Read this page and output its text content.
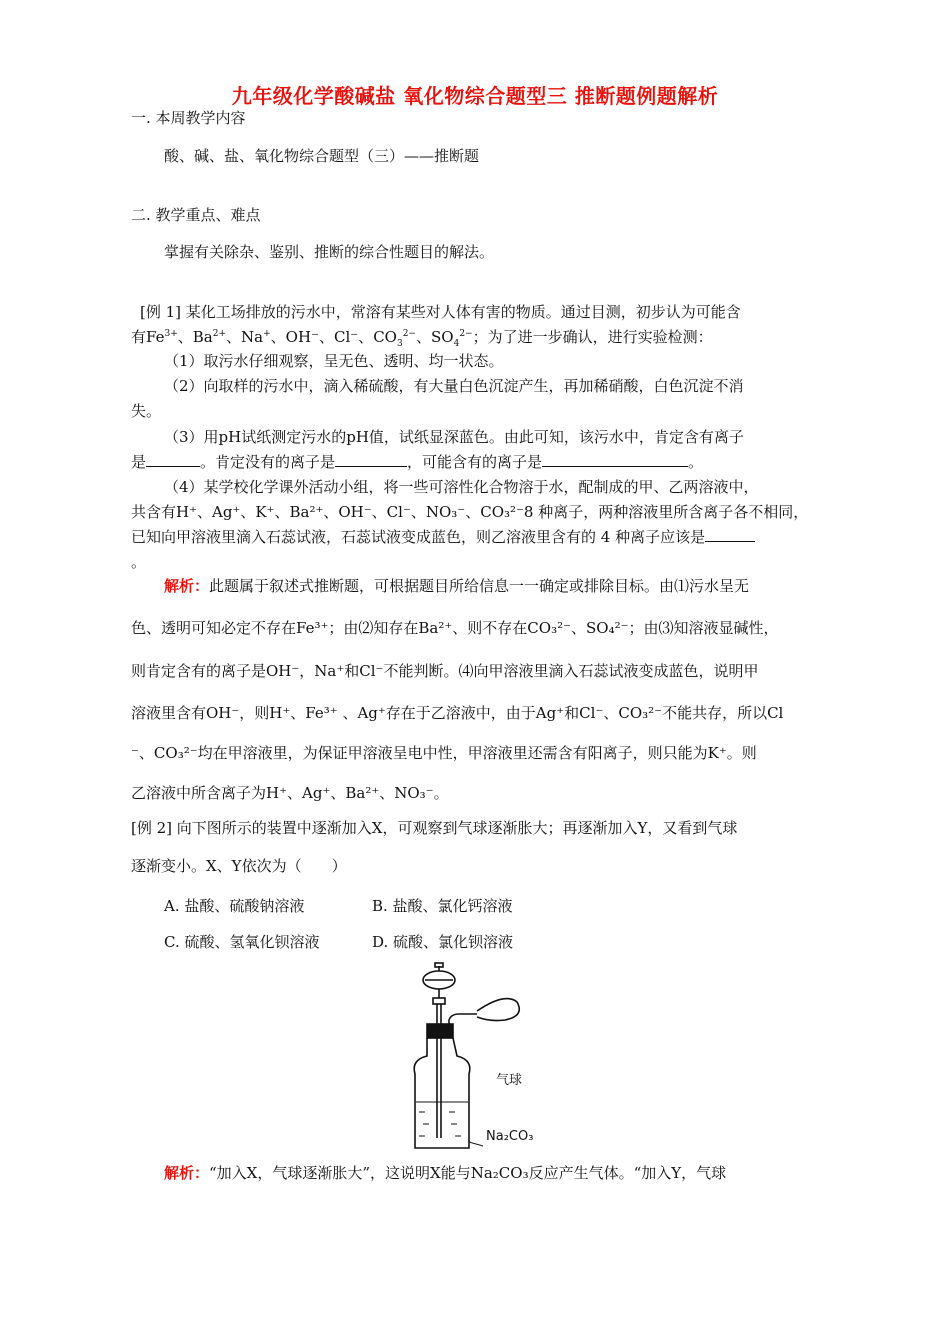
九年级化学酸碱盐 氧化物综合题型三 推断题例题解析
一. 本周教学内容
酸、碱、盐、氧化物综合题型（三）——推断题
二. 教学重点、难点
掌握有关除杂、鉴别、推断的综合性题目的解法。
[例 1] 某化工场排放的污水中，常溶有某些对人体有害的物质。通过目测，初步认为可能含
有$Fe^{3+}$、$Ba^{2+}$、Na+、OH⁻、Cl⁻、$CO_3^{2-}$、$SO_4^{2-}$；为了进一步确认，进行实验检测：
（1）取污水仔细观察，呈无色、透明、均一状态。
（2）向取样的污水中，滴入稀硫酸，有大量白色沉淀产生，再加稀硝酸，白色沉淀不消
失。
（3）用pH试纸测定污水的pH值，试纸显深蓝色。由此可知，该污水中，肯定含有离子
是	。肯定没有的离子是	，可能含有的离子是	。
（4）某学校化学课外活动小组，将一些可溶性化合物溶于水，配制成的甲、乙两溶液中，
共含有H⁺、Ag⁺、K⁺、Ba²⁺、OH⁻、Cl⁻、NO₃⁻、CO₃²⁻8 种离子，两种溶液里所含离子各不相同，
已知向甲溶液里滴入石蕊试液，石蕊试液变成蓝色，则乙溶液里含有的 4 种离子应该是
。
解析：此题属于叙述式推断题，可根据题目所给信息一一确定或排除目标。由⑴污水呈无
色、透明可知必定不存在Fe³⁺；由⑵知存在Ba²⁺、则不存在CO₃²⁻、SO₄²⁻；由⑶知溶液显碱性，
则肯定含有的离子是OH⁻，Na⁺和Cl⁻不能判断。⑷向甲溶液里滴入石蕊试液变成蓝色，说明甲
溶液里含有OH⁻，则H⁺、Fe³⁺ 、Ag⁺存在于乙溶液中，由于Ag⁺和Cl⁻、CO₃²⁻不能共存，所以Cl
⁻、CO₃²⁻均在甲溶液里，为保证甲溶液呈电中性，甲溶液里还需含有阳离子，则只能为K⁺。则
乙溶液中所含离子为H⁺、Ag⁺、Ba²⁺、NO₃⁻。
[例 2] 向下图所示的装置中逐渐加入X，可观察到气球逐渐胀大；再逐渐加入Y，又看到气球
逐渐变小。X、Y依次为（　　）
A. 盐酸、硫酸钠溶液	B. 盐酸、氯化钙溶液
C. 硫酸、氢氧化钡溶液	D. 硫酸、氯化钡溶液
气球
Na₂CO₃
解析：“加入X，气球逐渐胀大”，这说明X能与Na₂CO₃反应产生气体。“加入Y，气球
